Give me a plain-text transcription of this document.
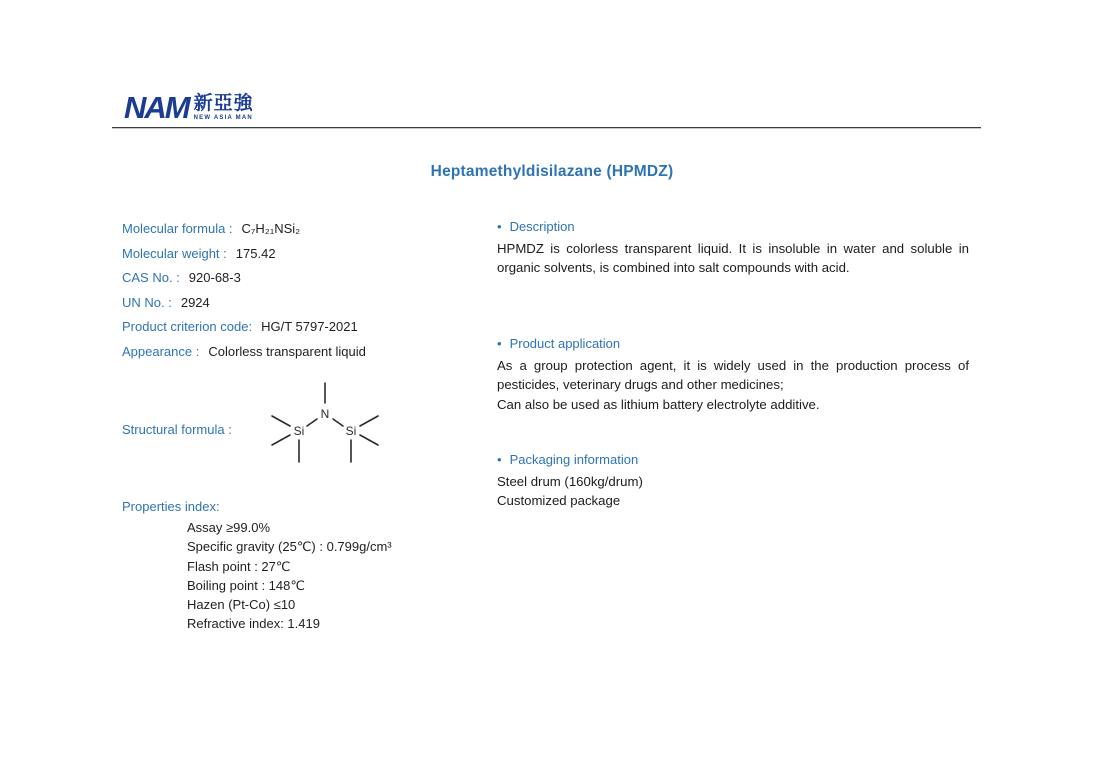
NAM 新亞強
NEW ASIA MAN
Heptamethyldisilazane (HPMDZ)
Molecular formula : C₇H₂₁NSi₂
Molecular weight : 175.42
CAS No. : 920-68-3
UN No. : 2924
Product criterion code: HG/T 5797-2021
Appearance : Colorless transparent liquid
Structural formula :
N
Si	Si
Properties index:
Assay ≥99.0%
Specific gravity (25℃) : 0.799g/cm³
Flash point : 27℃
Boiling point : 148℃
Hazen (Pt-Co) ≤10
Refractive index: 1.419
• Description

HPMDZ is colorless transparent liquid. It is insoluble in water and soluble in organic solvents, is combined into salt compounds with acid.

• Product application

As a group protection agent, it is widely used in the production process of pesticides, veterinary drugs and other medicines;

Can also be used as lithium battery electrolyte additive.

• Packaging information
Steel drum (160kg/drum)
Customized package
